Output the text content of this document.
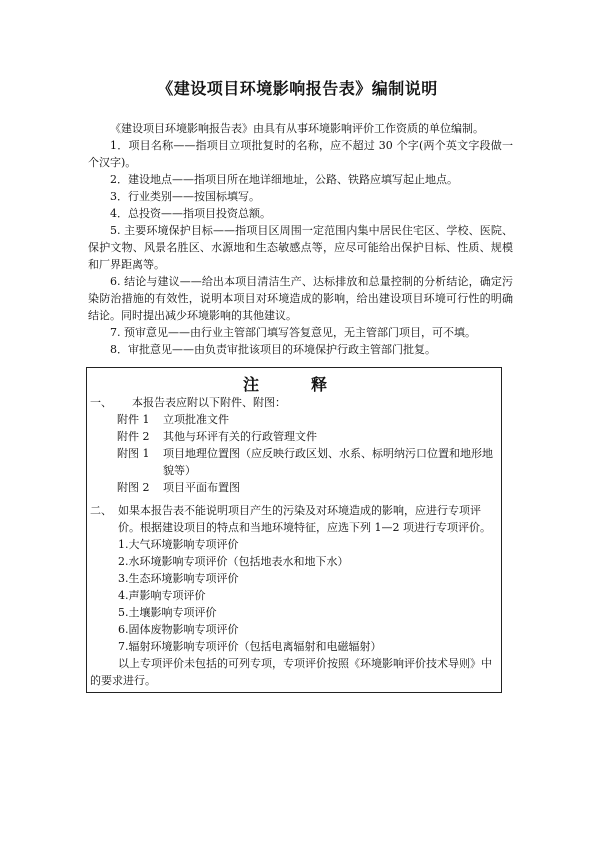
《建设项目环境影响报告表》编制说明

《建设项目环境影响报告表》由具有从事环境影响评价工作资质的单位编制。

1．项目名称——指项目立项批复时的名称，应不超过 30 个字(两个英文字段做一个汉字)。

2．建设地点——指项目所在地详细地址，公路、铁路应填写起止地点。

3．行业类别——按国标填写。

4．总投资——指项目投资总额。

5. 主要环境保护目标——指项目区周围一定范围内集中居民住宅区、学校、医院、保护文物、风景名胜区、水源地和生态敏感点等，应尽可能给出保护目标、性质、规模和厂界距离等。

6. 结论与建议——给出本项目清洁生产、达标排放和总量控制的分析结论，确定污染防治措施的有效性，说明本项目对环境造成的影响，给出建设项目环境可行性的明确结论。同时提出减少环境影响的其他建议。

7. 预审意见——由行业主管部门填写答复意见，无主管部门项目，可不填。

8．审批意见——由负责审批该项目的环境保护行政主管部门批复。

注　释
一、	本报告表应附以下附件、附图：
附件 1	立项批准文件
附件 2	其他与环评有关的行政管理文件
附图 1	项目地理位置图（应反映行政区划、水系、标明纳污口位置和地形地貌等）
附图 2	项目平面布置图
二、 如果本报告表不能说明项目产生的污染及对环境造成的影响，应进行专项评价。根据建设项目的特点和当地环境特征，应选下列 1—2 项进行专项评价。
1.大气环境影响专项评价
2.水环境影响专项评价（包括地表水和地下水）
3.生态环境影响专项评价
4.声影响专项评价
5.土壤影响专项评价
6.固体废物影响专项评价
7.辐射环境影响专项评价（包括电离辐射和电磁辐射）
以上专项评价未包括的可列专项，专项评价按照《环境影响评价技术导则》中的要求进行。
